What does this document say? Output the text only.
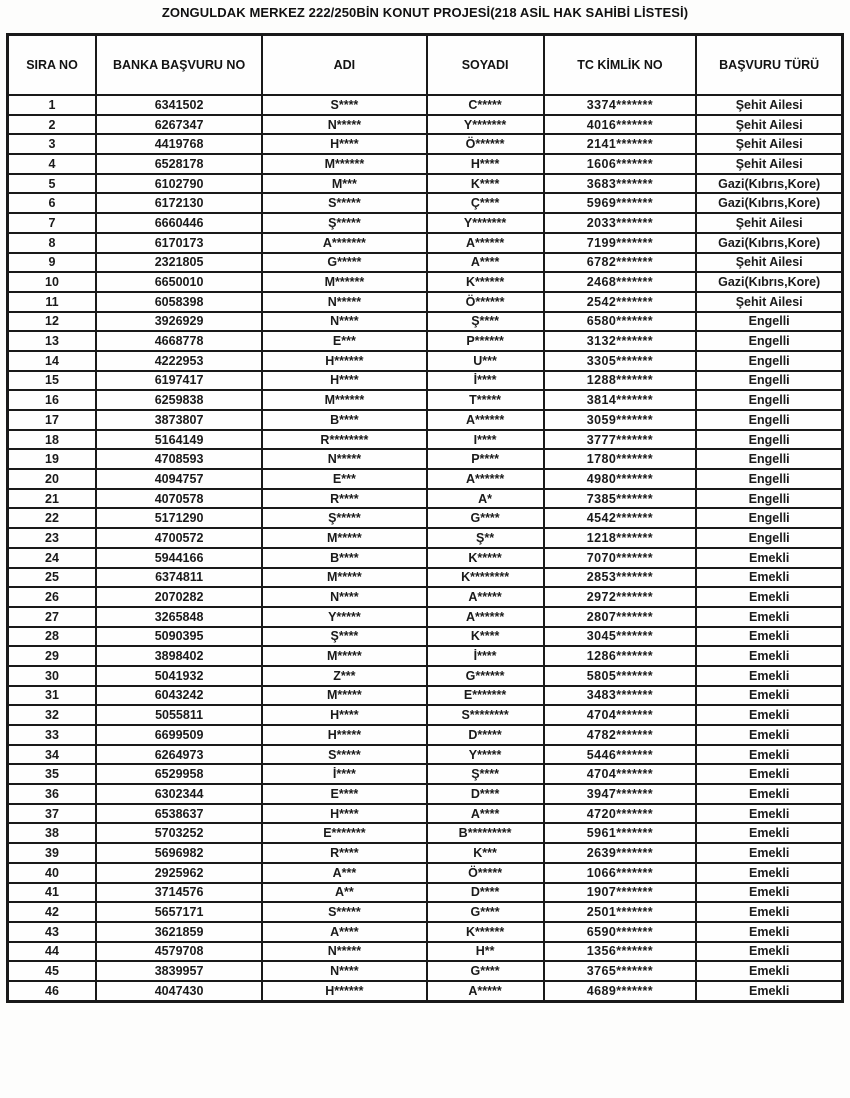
ZONGULDAK MERKEZ 222/250BİN KONUT PROJESİ(218 ASİL HAK SAHİBİ LİSTESİ)
SIRA NO	BANKA BAŞVURU NO	ADI	SOYADI	TC KİMLİK NO	BAŞVURU TÜRÜ
1	6341502	S****	C*****	3374*******	Şehit Ailesi
2	6267347	N*****	Y*******	4016*******	Şehit Ailesi
3	4419768	H****	Ö******	2141*******	Şehit Ailesi
4	6528178	M******	H****	1606*******	Şehit Ailesi
5	6102790	M***	K****	3683*******	Gazi(Kıbrıs,Kore)
6	6172130	S*****	Ç****	5969*******	Gazi(Kıbrıs,Kore)
7	6660446	Ş*****	Y*******	2033*******	Şehit Ailesi
8	6170173	A*******	A******	7199*******	Gazi(Kıbrıs,Kore)
9	2321805	G*****	A****	6782*******	Şehit Ailesi
10	6650010	M******	K******	2468*******	Gazi(Kıbrıs,Kore)
11	6058398	N*****	Ö******	2542*******	Şehit Ailesi
12	3926929	N****	Ş****	6580*******	Engelli
13	4668778	E***	P******	3132*******	Engelli
14	4222953	H******	U***	3305*******	Engelli
15	6197417	H****	İ****	1288*******	Engelli
16	6259838	M******	T*****	3814*******	Engelli
17	3873807	B****	A******	3059*******	Engelli
18	5164149	R********	I****	3777*******	Engelli
19	4708593	N*****	P****	1780*******	Engelli
20	4094757	E***	A******	4980*******	Engelli
21	4070578	R****	A*	7385*******	Engelli
22	5171290	Ş*****	G****	4542*******	Engelli
23	4700572	M*****	Ş**	1218*******	Engelli
24	5944166	B****	K*****	7070*******	Emekli
25	6374811	M*****	K********	2853*******	Emekli
26	2070282	N****	A*****	2972*******	Emekli
27	3265848	Y*****	A******	2807*******	Emekli
28	5090395	Ş****	K****	3045*******	Emekli
29	3898402	M*****	İ****	1286*******	Emekli
30	5041932	Z***	G******	5805*******	Emekli
31	6043242	M*****	E*******	3483*******	Emekli
32	5055811	H****	S********	4704*******	Emekli
33	6699509	H*****	D*****	4782*******	Emekli
34	6264973	S*****	Y*****	5446*******	Emekli
35	6529958	İ****	Ş****	4704*******	Emekli
36	6302344	E****	D****	3947*******	Emekli
37	6538637	H****	A****	4720*******	Emekli
38	5703252	E*******	B*********	5961*******	Emekli
39	5696982	R****	K***	2639*******	Emekli
40	2925962	A***	Ö*****	1066*******	Emekli
41	3714576	A**	D****	1907*******	Emekli
42	5657171	S*****	G****	2501*******	Emekli
43	3621859	A****	K******	6590*******	Emekli
44	4579708	N*****	H**	1356*******	Emekli
45	3839957	N****	G****	3765*******	Emekli
46	4047430	H******	A*****	4689*******	Emekli
